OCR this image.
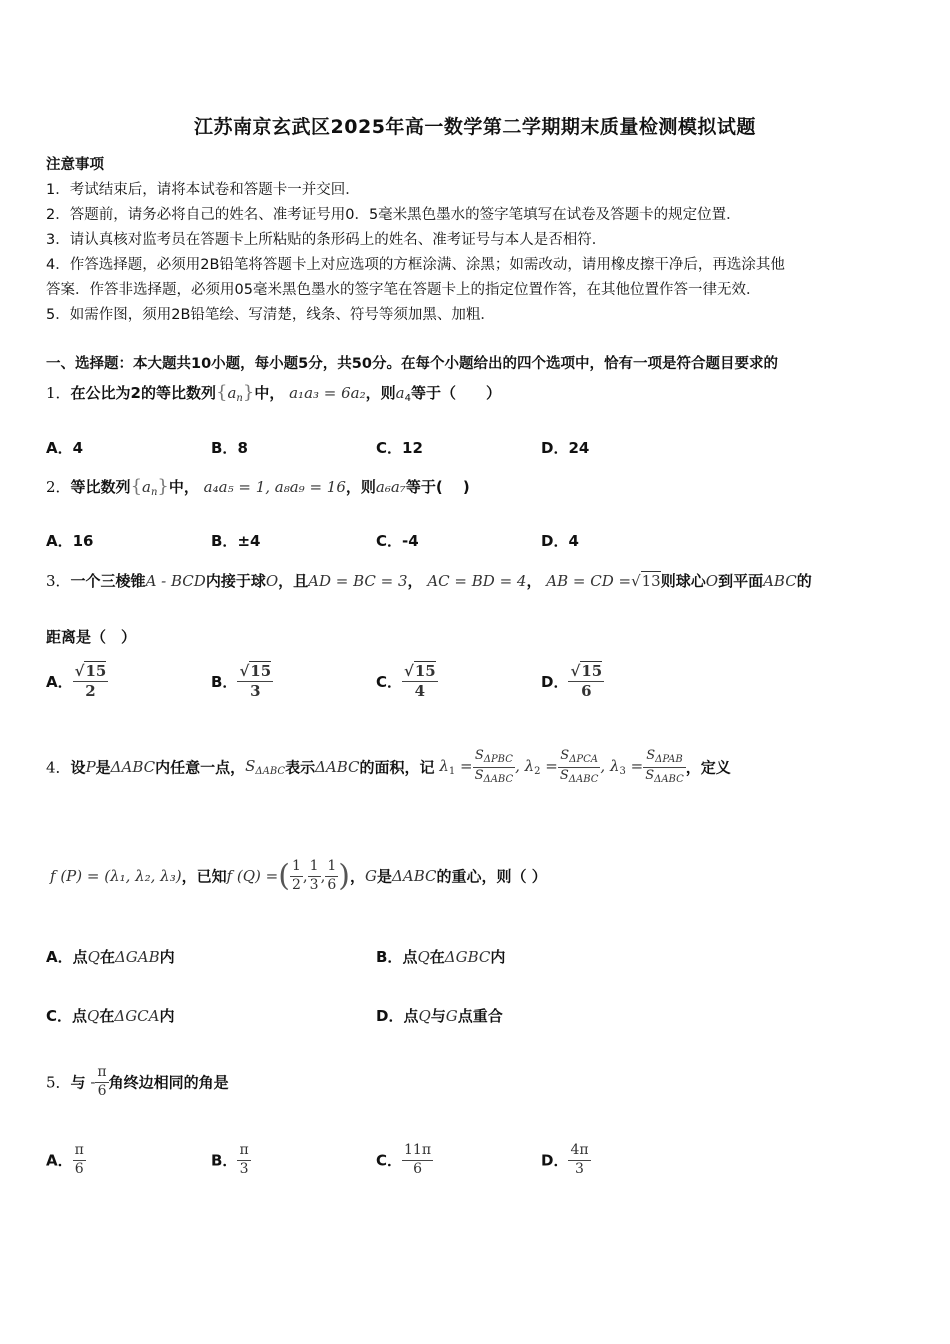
江苏南京玄武区2025年高一数学第二学期期末质量检测模拟试题
注意事项
1．考试结束后，请将本试卷和答题卡一并交回．
2．答题前，请务必将自己的姓名、准考证号用0．5毫米黑色墨水的签字笔填写在试卷及答题卡的规定位置．
3．请认真核对监考员在答题卡上所粘贴的条形码上的姓名、准考证号与本人是否相符．
4．作答选择题，必须用2B铅笔将答题卡上对应选项的方框涂满、涂黑；如需改动，请用橡皮擦干净后，再选涂其他
答案．作答非选择题，必须用05毫米黑色墨水的签字笔在答题卡上的指定位置作答，在其他位置作答一律无效．
5．如需作图，须用2B铅笔绘、写清楚，线条、符号等须加黑、加粗．
一、选择题：本大题共10小题，每小题5分，共50分。在每个小题给出的四个选项中，恰有一项是符合题目要求的
1．在公比为2的等比数列$\{a_n\}$中， a₁a₃ = 6a₂，则$a_4$等于（　　）
A．4	B．8	C．12	D．24
2．等比数列$\{a_n\}$中， a₄a₅ = 1, a₈a₉ = 16，则a₆a₇等于(　 )
A．16	B．±4	C．-4	D．4
3．一个三棱锥A - BCD内接于球O，且AD = BC = 3， AC = BD = 4， AB = CD =√13则球心O到平面ABC的
距离是（　）
A． $\frac{√15}{2}$	B． $\frac{√15}{3}$	C． $\frac{√15}{4}$	D． $\frac{√15}{6}$
4．设P是ΔABC内任意一点，$S_{\Delta ABC}$表示ΔABC的面积，记 $\lambda_1 = \frac{S_{\Delta PBC}}{S_{\Delta ABC}}$ , $\lambda_2 = \frac{S_{\Delta PCA}}{S_{\Delta ABC}}$ , $\lambda_3 = \frac{S_{\Delta PAB}}{S_{\Delta ABC}}$ ，定义
f (P) = (λ₁, λ₂, λ₃)，已知f (Q) =( $\frac{1}{2}$ , $\frac{1}{3}$ , $\frac{1}{6}$ )，G是ΔABC的重心，则（ ）
A．点Q在ΔGAB内	B．点Q在ΔGBC内
C．点Q在ΔGCA内	D．点Q与G点重合
5．与 - $\frac{\pi}{6}$ 角终边相同的角是
A． $\frac{\pi}{6}$	B． $\frac{\pi}{3}$	C． $\frac{11\pi}{6}$	D． $\frac{4\pi}{3}$
